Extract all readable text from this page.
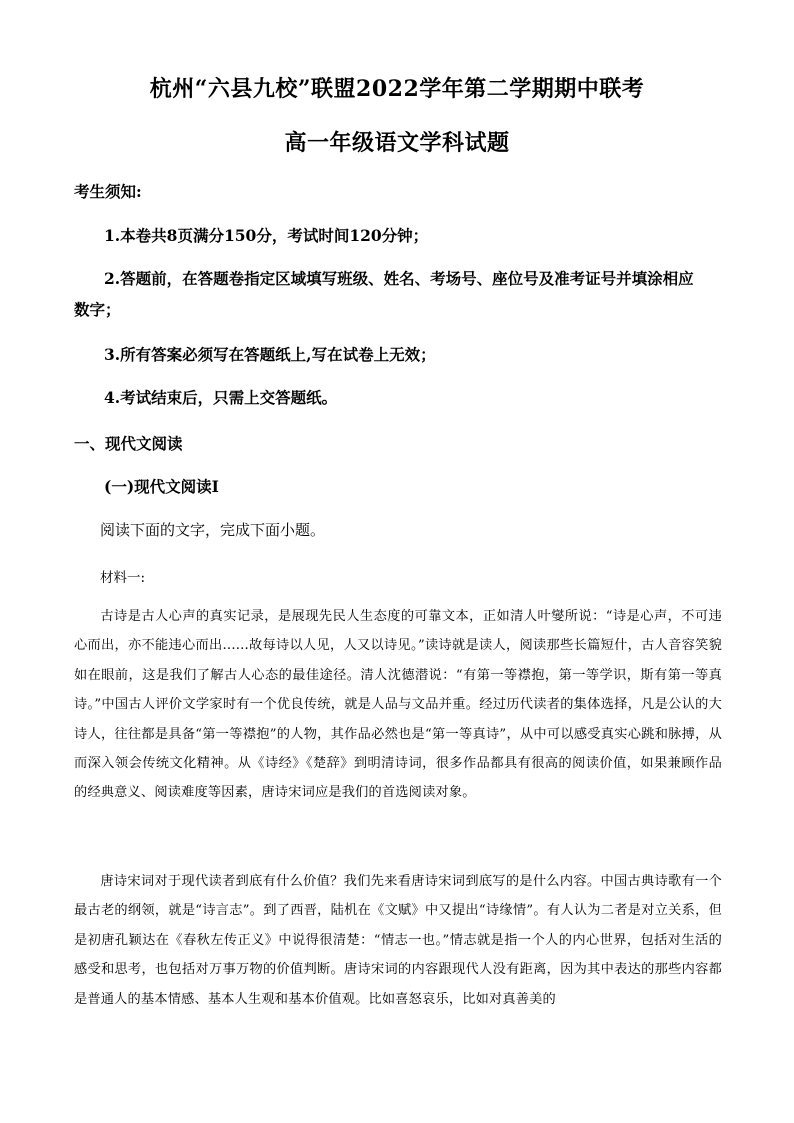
杭州“六县九校”联盟2022学年第二学期期中联考
高一年级语文学科试题
考生须知:
1.本卷共8页满分150分，考试时间120分钟；
2.答题前，在答题卷指定区域填写班级、姓名、考场号、座位号及准考证号并填涂相应
数字；
3.所有答案必须写在答题纸上,写在试卷上无效；
4.考试结束后，只需上交答题纸。
一、现代文阅读
(一)现代文阅读Ⅰ
阅读下面的文字，完成下面小题。
材料一:
古诗是古人心声的真实记录，是展现先民人生态度的可靠文本，正如清人叶燮所说：“诗是心声，不可违心而出，亦不能违心而出......故每诗以人见，人又以诗见。”读诗就是读人，阅读那些长篇短什，古人音容笑貌如在眼前，这是我们了解古人心态的最佳途径。清人沈德潜说：“有第一等襟抱，第一等学识，斯有第一等真诗。”中国古人评价文学家时有一个优良传统，就是人品与文品并重。经过历代读者的集体选择，凡是公认的大诗人，往往都是具备“第一等襟抱”的人物，其作品必然也是“第一等真诗”，从中可以感受真实心跳和脉搏，从而深入领会传统文化精神。从《诗经》《楚辞》到明清诗词，很多作品都具有很高的阅读价值，如果兼顾作品的经典意义、阅读难度等因素，唐诗宋词应是我们的首选阅读对象。
唐诗宋词对于现代读者到底有什么价值？我们先来看唐诗宋词到底写的是什么内容。中国古典诗歌有一个最古老的纲领，就是“诗言志”。到了西晋，陆机在《文赋》中又提出“诗缘情”。有人认为二者是对立关系，但是初唐孔颖达在《春秋左传正义》中说得很清楚：“情志一也。”情志就是指一个人的内心世界，包括对生活的感受和思考，也包括对万事万物的价值判断。唐诗宋词的内容跟现代人没有距离，因为其中表达的那些内容都是普通人的基本情感、基本人生观和基本价值观。比如喜怒哀乐，比如对真善美的
